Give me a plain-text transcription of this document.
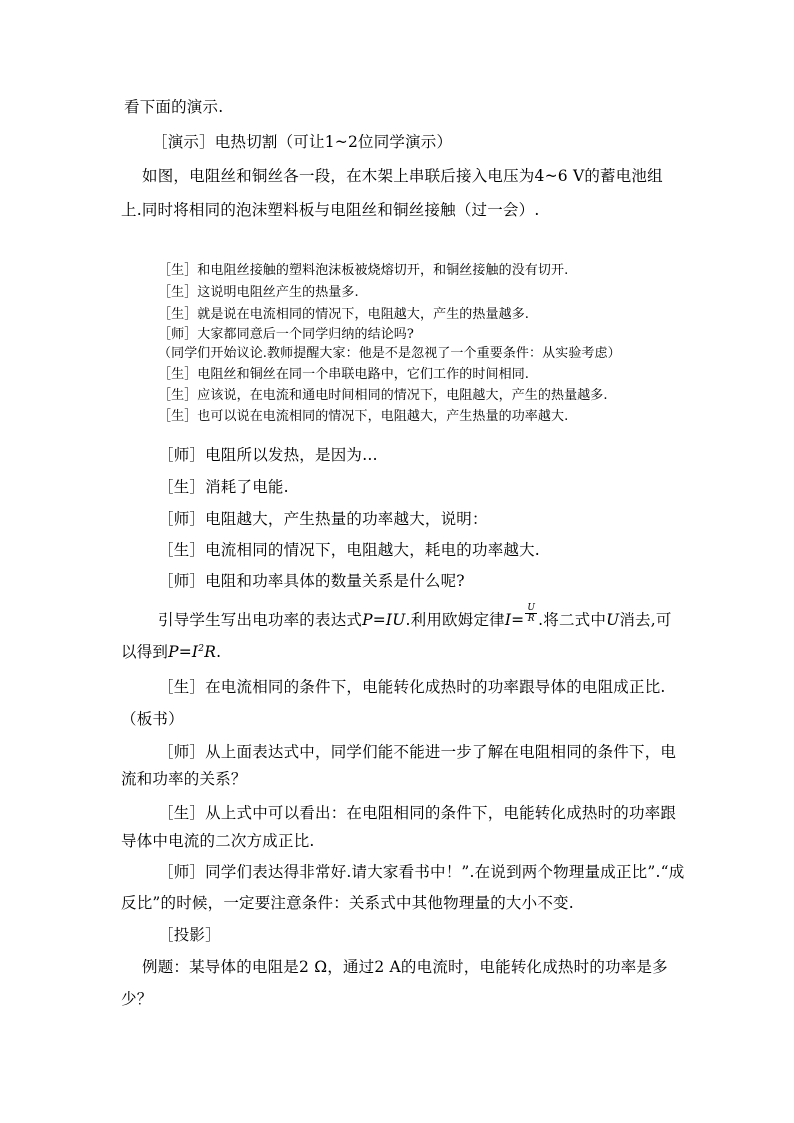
看下面的演示.
［演示］电热切割（可让1~2位同学演示）
如图，电阻丝和铜丝各一段，在木架上串联后接入电压为4~6 V的蓄电池组
上.同时将相同的泡沫塑料板与电阻丝和铜丝接触（过一会）.
［生］和电阻丝接触的塑料泡沫板被烧熔切开，和铜丝接触的没有切开.
［生］这说明电阻丝产生的热量多.
［生］就是说在电流相同的情况下，电阻越大，产生的热量越多.
［师］大家都同意后一个同学归纳的结论吗?
（同学们开始议论.教师提醒大家：他是不是忽视了一个重要条件：从实验考虑）
［生］电阻丝和铜丝在同一个串联电路中，它们工作的时间相同.
［生］应该说，在电流和通电时间相同的情况下，电阻越大，产生的热量越多.
［生］也可以说在电流相同的情况下，电阻越大，产生热量的功率越大.
［师］电阻所以发热，是因为…
［生］消耗了电能.
［师］电阻越大，产生热量的功率越大，说明：
［生］电流相同的情况下，电阻越大，耗电的功率越大.
［师］电阻和功率具体的数量关系是什么呢?
引导学生写出电功率的表达式P=IU.利用欧姆定律$I= \frac{U}{R}$ .将二式中U消去,可
以得到$P=I^2R$.
［生］在电流相同的条件下，电能转化成热时的功率跟导体的电阻成正比.
（板书）
［师］从上面表达式中，同学们能不能进一步了解在电阻相同的条件下，电
流和功率的关系？
［生］从上式中可以看出：在电阻相同的条件下，电能转化成热时的功率跟
导体中电流的二次方成正比.
［师］同学们表达得非常好.请大家看书中！”.在说到两个物理量成正比”.“成
反比”的时候，一定要注意条件：关系式中其他物理量的大小不变.
［投影］
例题：某导体的电阻是2 Ω，通过2 A的电流时，电能转化成热时的功率是多
少？
